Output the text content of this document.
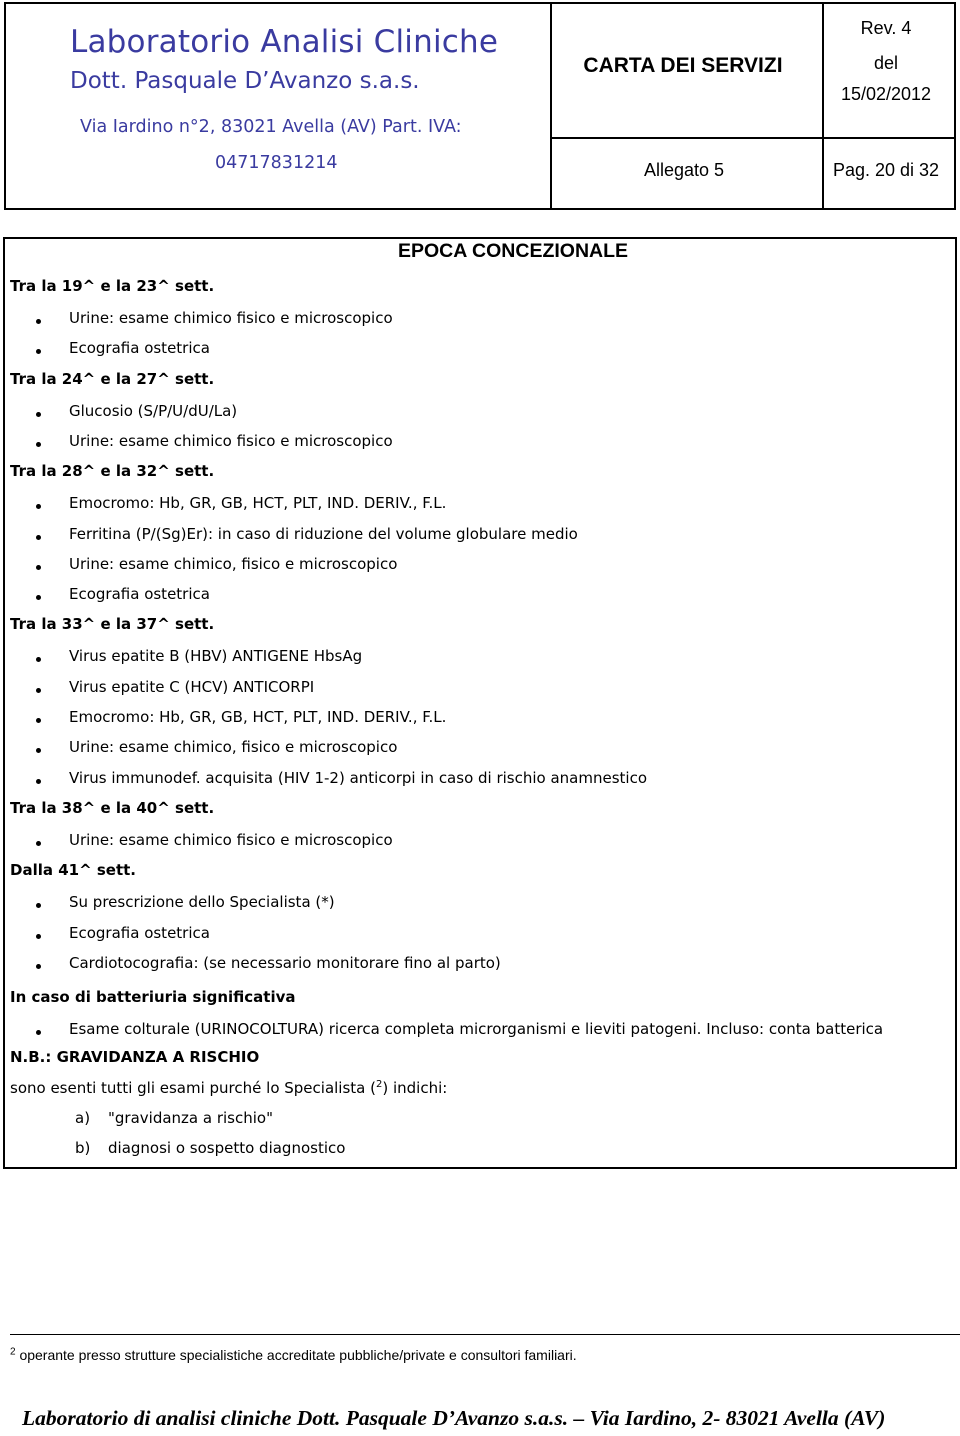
Laboratorio Analisi Cliniche
Dott. Pasquale D’Avanzo s.a.s.
Via Iardino n°2, 83021 Avella (AV) Part. IVA:
04717831214
CARTA DEI SERVIZI
Allegato 5
Rev. 4
del
15/02/2012
Pag. 20 di 32
EPOCA CONCEZIONALE
Tra la 19^ e la 23^ sett.
Urine: esame chimico fisico e microscopico
Ecografia ostetrica
Tra la 24^ e la 27^ sett.
Glucosio (S/P/U/dU/La)
Urine: esame chimico fisico e microscopico
Tra la 28^ e la 32^ sett.
Emocromo: Hb, GR, GB, HCT, PLT, IND. DERIV., F.L.
Ferritina (P/(Sg)Er): in caso di riduzione del volume globulare medio
Urine: esame chimico, fisico e microscopico
Ecografia ostetrica
Tra la 33^ e la 37^ sett.
Virus epatite B (HBV) ANTIGENE HbsAg
Virus epatite C (HCV) ANTICORPI
Emocromo: Hb, GR, GB, HCT, PLT, IND. DERIV., F.L.
Urine: esame chimico, fisico e microscopico
Virus immunodef. acquisita (HIV 1-2) anticorpi in caso di rischio anamnestico
Tra la 38^ e la 40^ sett.
Urine: esame chimico fisico e microscopico
Dalla 41^ sett.
Su prescrizione dello Specialista (*)
Ecografia ostetrica
Cardiotocografia: (se necessario monitorare fino al parto)
In caso di batteriuria significativa
Esame colturale (URINOCOLTURA) ricerca completa microrganismi e lieviti patogeni. Incluso: conta batterica
N.B.: GRAVIDANZA A RISCHIO
sono esenti tutti gli esami purché lo Specialista ($^2$) indichi:
a) "gravidanza a rischio"
b) diagnosi o sospetto diagnostico
$^2$ operante presso strutture specialistiche accreditate pubbliche/private e consultori familiari.
Laboratorio di analisi cliniche Dott. Pasquale D’Avanzo s.a.s. – Via Iardino, 2- 83021 Avella (AV)
